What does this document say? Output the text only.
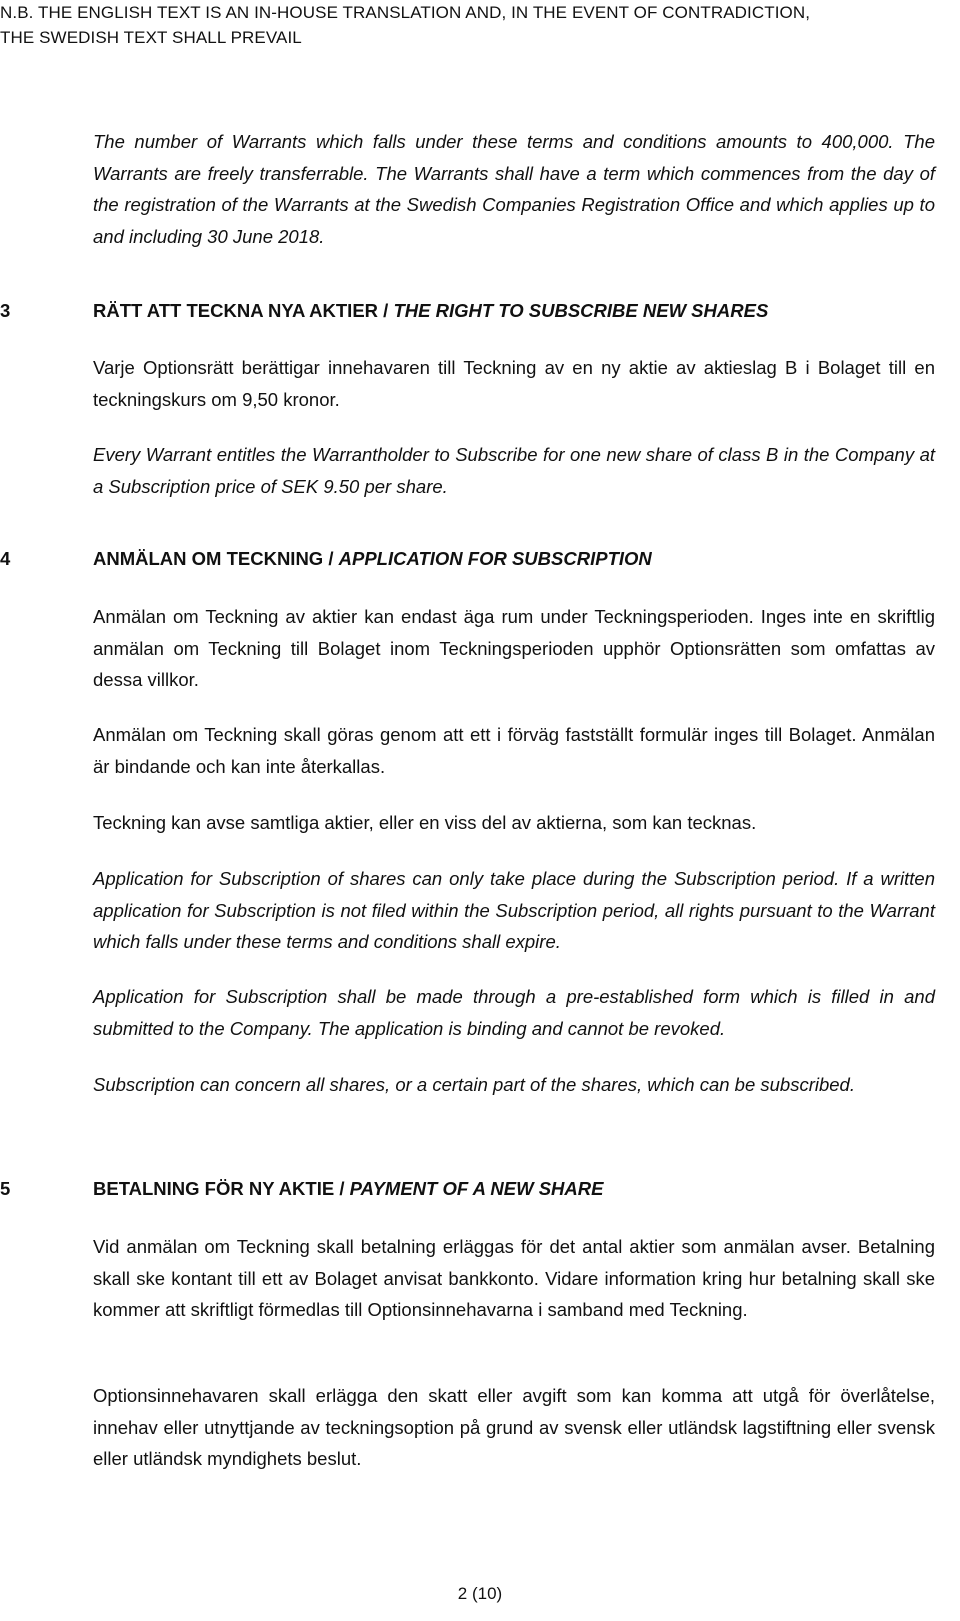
N.B. THE ENGLISH TEXT IS AN IN-HOUSE TRANSLATION AND, IN THE EVENT OF CONTRADICTION,
THE SWEDISH TEXT SHALL PREVAIL

The number of Warrants which falls under these terms and conditions amounts to 400,000. The Warrants are freely transferrable. The Warrants shall have a term which commences from the day of the registration of the Warrants at the Swedish Companies Registration Office and which applies up to and including 30 June 2018.

3	RÄTT ATT TECKNA NYA AKTIER / THE RIGHT TO SUBSCRIBE NEW SHARES

Varje Optionsrätt berättigar innehavaren till Teckning av en ny aktie av aktieslag B i Bolaget till en teckningskurs om 9,50 kronor.

Every Warrant entitles the Warrantholder to Subscribe for one new share of class B in the Company at a Subscription price of SEK 9.50 per share.

4	ANMÄLAN OM TECKNING / APPLICATION FOR SUBSCRIPTION

Anmälan om Teckning av aktier kan endast äga rum under Teckningsperioden. Inges inte en skriftlig anmälan om Teckning till Bolaget inom Teckningsperioden upphör Optionsrätten som omfattas av dessa villkor.

Anmälan om Teckning skall göras genom att ett i förväg fastställt formulär inges till Bolaget. Anmälan är bindande och kan inte återkallas.

Teckning kan avse samtliga aktier, eller en viss del av aktierna, som kan tecknas.

Application for Subscription of shares can only take place during the Subscription period. If a written application for Subscription is not filed within the Subscription period, all rights pursuant to the Warrant which falls under these terms and conditions shall expire.

Application for Subscription shall be made through a pre-established form which is filled in and submitted to the Company. The application is binding and cannot be revoked.

Subscription can concern all shares, or a certain part of the shares, which can be subscribed.

5	BETALNING FÖR NY AKTIE / PAYMENT OF A NEW SHARE

Vid anmälan om Teckning skall betalning erläggas för det antal aktier som anmälan avser. Betalning skall ske kontant till ett av Bolaget anvisat bankkonto. Vidare information kring hur betalning skall ske kommer att skriftligt förmedlas till Optionsinnehavarna i samband med Teckning.

Optionsinnehavaren skall erlägga den skatt eller avgift som kan komma att utgå för överlåtelse, innehav eller utnyttjande av teckningsoption på grund av svensk eller utländsk lagstiftning eller svensk eller utländsk myndighets beslut.

2 (10)
